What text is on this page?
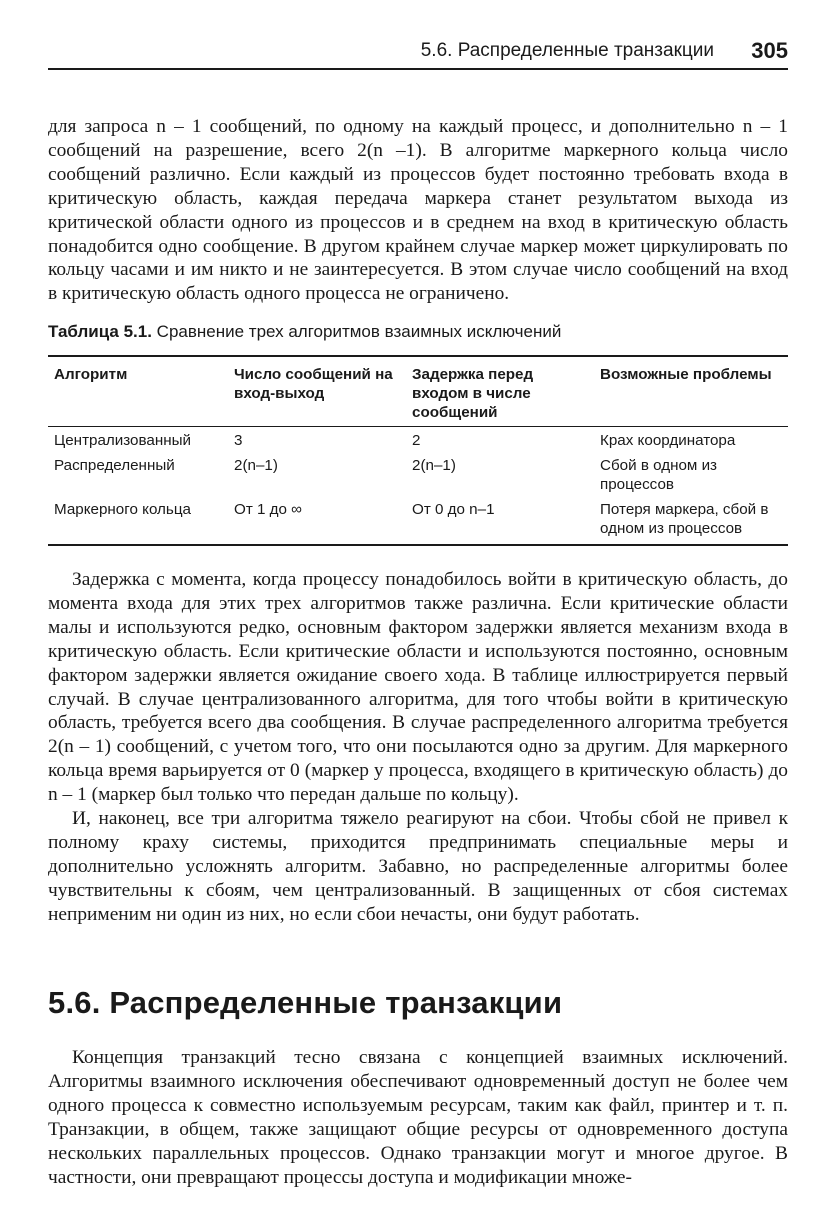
5.6. Распределенные транзакции 305

для запроса n – 1 сообщений, по одному на каждый процесс, и дополнительно n – 1 сообщений на разрешение, всего 2(n –1). В алгоритме маркерного кольца число сообщений различно. Если каждый из процессов будет постоянно требовать входа в критическую область, каждая передача маркера станет результатом выхода из критической области одного из процессов и в среднем на вход в критическую область понадобится одно сообщение. В другом крайнем случае маркер может циркулировать по кольцу часами и им никто и не заинтересуется. В этом случае число сообщений на вход в критическую область одного процесса не ограничено.

Таблица 5.1. Сравнение трех алгоритмов взаимных исключений
Алгоритм	Число сообщений на вход-выход	Задержка перед входом в числе сообщений	Возможные проблемы
Централизованный	3	2	Крах координатора
Распределенный	2(n–1)	2(n–1)	Сбой в одном из процессов
Маркерного кольца	От 1 до ∞	От 0 до n–1	Потеря маркера, сбой в одном из процессов

Задержка с момента, когда процессу понадобилось войти в критическую область, до момента входа для этих трех алгоритмов также различна. Если критические области малы и используются редко, основным фактором задержки является механизм входа в критическую область. Если критические области и используются постоянно, основным фактором задержки является ожидание своего хода. В таблице иллюстрируется первый случай. В случае централизованного алгоритма, для того чтобы войти в критическую область, требуется всего два сообщения. В случае распределенного алгоритма требуется 2(n – 1) сообщений, с учетом того, что они посылаются одно за другим. Для маркерного кольца время варьируется от 0 (маркер у процесса, входящего в критическую область) до n – 1 (маркер был только что передан дальше по кольцу).

И, наконец, все три алгоритма тяжело реагируют на сбои. Чтобы сбой не привел к полному краху системы, приходится предпринимать специальные меры и дополнительно усложнять алгоритм. Забавно, но распределенные алгоритмы более чувствительны к сбоям, чем централизованный. В защищенных от сбоя системах неприменим ни один из них, но если сбои нечасты, они будут работать.

5.6. Распределенные транзакции

Концепция транзакций тесно связана с концепцией взаимных исключений. Алгоритмы взаимного исключения обеспечивают одновременный доступ не более чем одного процесса к совместно используемым ресурсам, таким как файл, принтер и т. п. Транзакции, в общем, также защищают общие ресурсы от одновременного доступа нескольких параллельных процессов. Однако транзакции могут и многое другое. В частности, они превращают процессы доступа и модификации множе-
